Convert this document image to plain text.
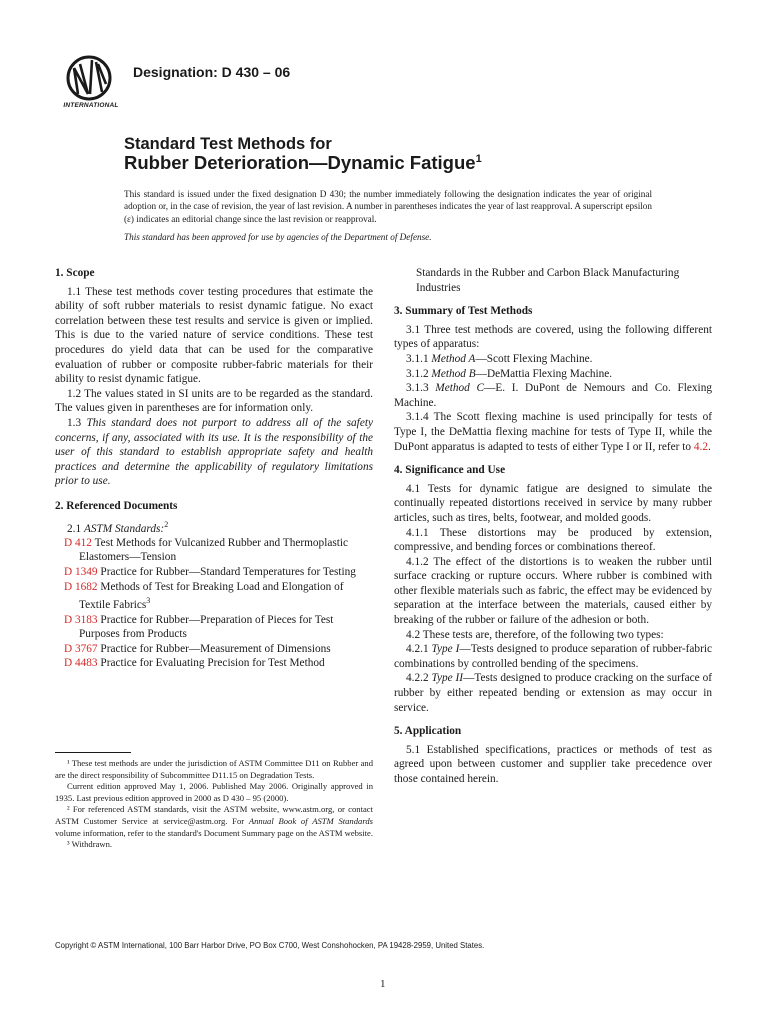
INTERNATIONAL
Designation: D 430 – 06
Standard Test Methods for
Rubber Deterioration—Dynamic Fatigue$^1$
This standard is issued under the fixed designation D 430; the number immediately following the designation indicates the year of original adoption or, in the case of revision, the year of last revision. A number in parentheses indicates the year of last reapproval. A superscript epsilon (ε) indicates an editorial change since the last revision or reapproval.
This standard has been approved for use by agencies of the Department of Defense.
1. Scope

1.1 These test methods cover testing procedures that estimate the ability of soft rubber materials to resist dynamic fatigue. No exact correlation between these test results and service is given or implied. This is due to the varied nature of service conditions. These test procedures do yield data that can be used for the comparative evaluation of rubber or composite rubber-fabric materials for their ability to resist dynamic fatigue.

1.2 The values stated in SI units are to be regarded as the standard. The values given in parentheses are for information only.

1.3 This standard does not purport to address all of the safety concerns, if any, associated with its use. It is the responsibility of the user of this standard to establish appropriate safety and health practices and determine the applicability of regulatory limitations prior to use.

2. Referenced Documents

2.1 ASTM Standards:$^2$

D 412 Test Methods for Vulcanized Rubber and Thermoplastic Elastomers—Tension

D 1349 Practice for Rubber—Standard Temperatures for Testing

D 1682 Methods of Test for Breaking Load and Elongation of Textile Fabrics$^3$

D 3183 Practice for Rubber—Preparation of Pieces for Test Purposes from Products

D 3767 Practice for Rubber—Measurement of Dimensions

D 4483 Practice for Evaluating Precision for Test Method

¹ These test methods are under the jurisdiction of ASTM Committee D11 on Rubber and are the direct responsibility of Subcommittee D11.15 on Degradation Tests.

Current edition approved May 1, 2006. Published May 2006. Originally approved in 1935. Last previous edition approved in 2000 as D 430 – 95 (2000).

² For referenced ASTM standards, visit the ASTM website, www.astm.org, or contact ASTM Customer Service at service@astm.org. For Annual Book of ASTM Standards volume information, refer to the standard's Document Summary page on the ASTM website.

³ Withdrawn.

Standards in the Rubber and Carbon Black Manufacturing Industries

3. Summary of Test Methods

3.1 Three test methods are covered, using the following different types of apparatus:

3.1.1 Method A—Scott Flexing Machine.

3.1.2 Method B—DeMattia Flexing Machine.

3.1.3 Method C—E. I. DuPont de Nemours and Co. Flexing Machine.

3.1.4 The Scott flexing machine is used principally for tests of Type I, the DeMattia flexing machine for tests of Type II, while the DuPont apparatus is adapted to tests of either Type I or II, refer to 4.2.

4. Significance and Use

4.1 Tests for dynamic fatigue are designed to simulate the continually repeated distortions received in service by many rubber articles, such as tires, belts, footwear, and molded goods.

4.1.1 These distortions may be produced by extension, compressive, and bending forces or combinations thereof.

4.1.2 The effect of the distortions is to weaken the rubber until surface cracking or rupture occurs. Where rubber is combined with other flexible materials such as fabric, the effect may be evidenced by separation at the interface between the materials, caused either by breaking of the rubber or failure of the adhesion or both.

4.2 These tests are, therefore, of the following two types:

4.2.1 Type I—Tests designed to produce separation of rubber-fabric combinations by controlled bending of the specimens.

4.2.2 Type II—Tests designed to produce cracking on the surface of rubber by either repeated bending or extension as may occur in service.

5. Application

5.1 Established specifications, practices or methods of test as agreed upon between customer and supplier take precedence over those contained herein.

Copyright © ASTM International, 100 Barr Harbor Drive, PO Box C700, West Conshohocken, PA 19428-2959, United States.
1
